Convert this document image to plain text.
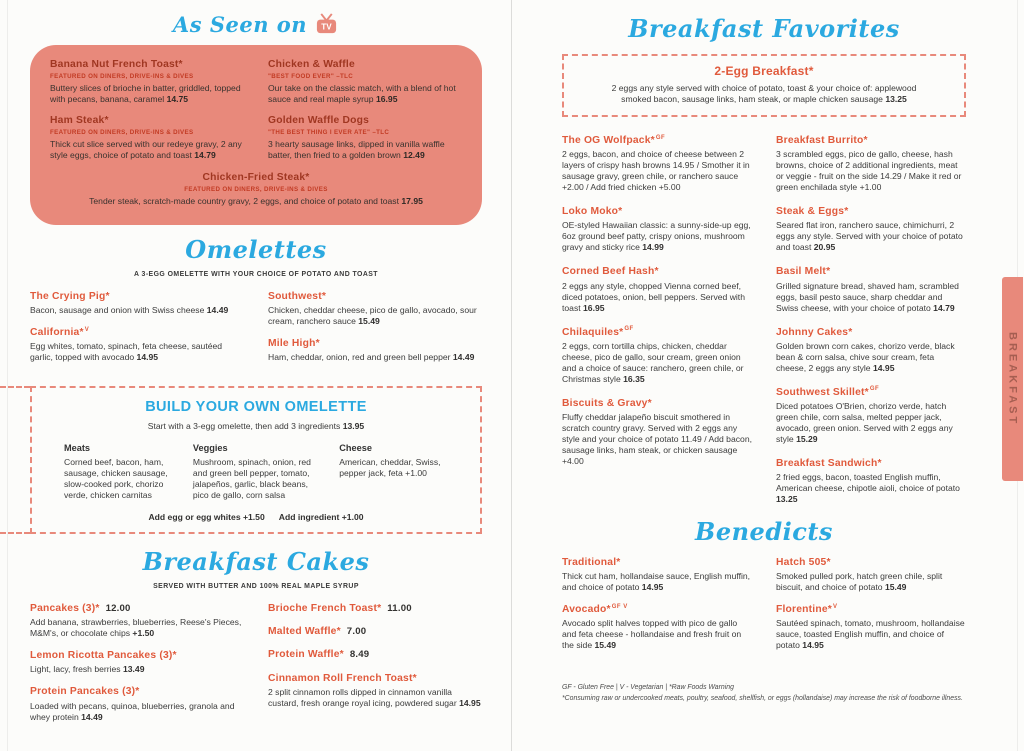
As Seen on TV
Banana Nut French Toast*
FEATURED ON DINERS, DRIVE-INS & DIVES
Buttery slices of brioche in batter, griddled, topped with pecans, banana, caramel 14.75
Ham Steak*
FEATURED ON DINERS, DRIVE-INS & DIVES
Thick cut slice served with our redeye gravy, 2 any style eggs, choice of potato and toast 14.79
Chicken & Waffle
"BEST FOOD EVER" –TLC
Our take on the classic match, with a blend of hot sauce and real maple syrup 16.95
Golden Waffle Dogs
"THE BEST THING I EVER ATE" –TLC
3 hearty sausage links, dipped in vanilla waffle batter, then fried to a golden brown 12.49
Chicken-Fried Steak*
FEATURED ON DINERS, DRIVE-INS & DIVES
Tender steak, scratch-made country gravy, 2 eggs, and choice of potato and toast 17.95
Omelettes
A 3-EGG OMELETTE WITH YOUR CHOICE OF POTATO AND TOAST
The Crying Pig*
Bacon, sausage and onion with Swiss cheese 14.49
California*$^V$
Egg whites, tomato, spinach, feta cheese, sautéed garlic, topped with avocado 14.95
Southwest*
Chicken, cheddar cheese, pico de gallo, avocado, sour cream, ranchero sauce 15.49
Mile High*
Ham, cheddar, onion, red and green bell pepper 14.49
BUILD YOUR OWN OMELETTE
Start with a 3-egg omelette, then add 3 ingredients 13.95
Meats
Corned beef, bacon, ham, sausage, chicken sausage, slow-cooked pork, chorizo verde, chicken carnitas
Veggies
Mushroom, spinach, onion, red and green bell pepper, tomato, jalapeños, garlic, black beans, pico de gallo, corn salsa
Cheese
American, cheddar, Swiss, pepper jack, feta +1.00
Add egg or egg whites +1.50 Add ingredient +1.00
Breakfast Cakes
SERVED WITH BUTTER AND 100% REAL MAPLE SYRUP
Pancakes (3)* 12.00
Add banana, strawberries, blueberries, Reese's Pieces, M&M's, or chocolate chips +1.50
Lemon Ricotta Pancakes (3)*
Light, lacy, fresh berries 13.49
Protein Pancakes (3)*
Loaded with pecans, quinoa, blueberries, granola and whey protein 14.49
Brioche French Toast* 11.00
Malted Waffle* 7.00
Protein Waffle* 8.49
Cinnamon Roll French Toast*
2 split cinnamon rolls dipped in cinnamon vanilla custard, fresh orange royal icing, powdered sugar 14.95
Breakfast Favorites
2-Egg Breakfast*
2 eggs any style served with choice of potato, toast & your choice of: applewood smoked bacon, sausage links, ham steak, or maple chicken sausage 13.25
The OG Wolfpack*$^{GF}$
2 eggs, bacon, and choice of cheese between 2 layers of crispy hash browns 14.95 / Smother it in sausage gravy, green chile, or ranchero sauce +2.00 / Add fried chicken +5.00
Loko Moko*
OE-styled Hawaiian classic: a sunny-side-up egg, 6oz ground beef patty, crispy onions, mushroom gravy and sticky rice 14.99
Corned Beef Hash*
2 eggs any style, chopped Vienna corned beef, diced potatoes, onion, bell peppers. Served with toast 16.95
Chilaquiles*$^{GF}$
2 eggs, corn tortilla chips, chicken, cheddar cheese, pico de gallo, sour cream, green onion and a choice of sauce: ranchero, green chile, or Christmas style 16.35
Biscuits & Gravy*
Fluffy cheddar jalapeño biscuit smothered in scratch country gravy. Served with 2 eggs any style and your choice of potato 11.49 / Add bacon, sausage links, ham steak, or chicken sausage +4.00
Breakfast Burrito*
3 scrambled eggs, pico de gallo, cheese, hash browns, choice of 2 additional ingredients, meat or veggie - fruit on the side 14.29 / Make it red or green enchilada style +1.00
Steak & Eggs*
Seared flat iron, ranchero sauce, chimichurri, 2 eggs any style. Served with your choice of potato and toast 20.95
Basil Melt*
Grilled signature bread, shaved ham, scrambled eggs, basil pesto sauce, sharp cheddar and Swiss cheese, with your choice of potato 14.79
Johnny Cakes*
Golden brown corn cakes, chorizo verde, black bean & corn salsa, chive sour cream, feta cheese, 2 eggs any style 14.95
Southwest Skillet*$^{GF}$
Diced potatoes O'Brien, chorizo verde, hatch green chile, corn salsa, melted pepper jack, avocado, green onion. Served with 2 eggs any style 15.29
Breakfast Sandwich*
2 fried eggs, bacon, toasted English muffin, American cheese, chipotle aioli, choice of potato 13.25
Benedicts
Traditional*
Thick cut ham, hollandaise sauce, English muffin, and choice of potato 14.95
Avocado*$^{GF V}$
Avocado split halves topped with pico de gallo and feta cheese - hollandaise and fresh fruit on the side 15.49
Hatch 505*
Smoked pulled pork, hatch green chile, split biscuit, and choice of potato 15.49
Florentine*$^V$
Sautéed spinach, tomato, mushroom, hollandaise sauce, toasted English muffin, and choice of potato 14.95
GF - Gluten Free | V - Vegetarian | *Raw Foods Warning
*Consuming raw or undercooked meats, poultry, seafood, shellfish, or eggs (hollandaise) may increase the risk of foodborne illness.
BREAKFAST
